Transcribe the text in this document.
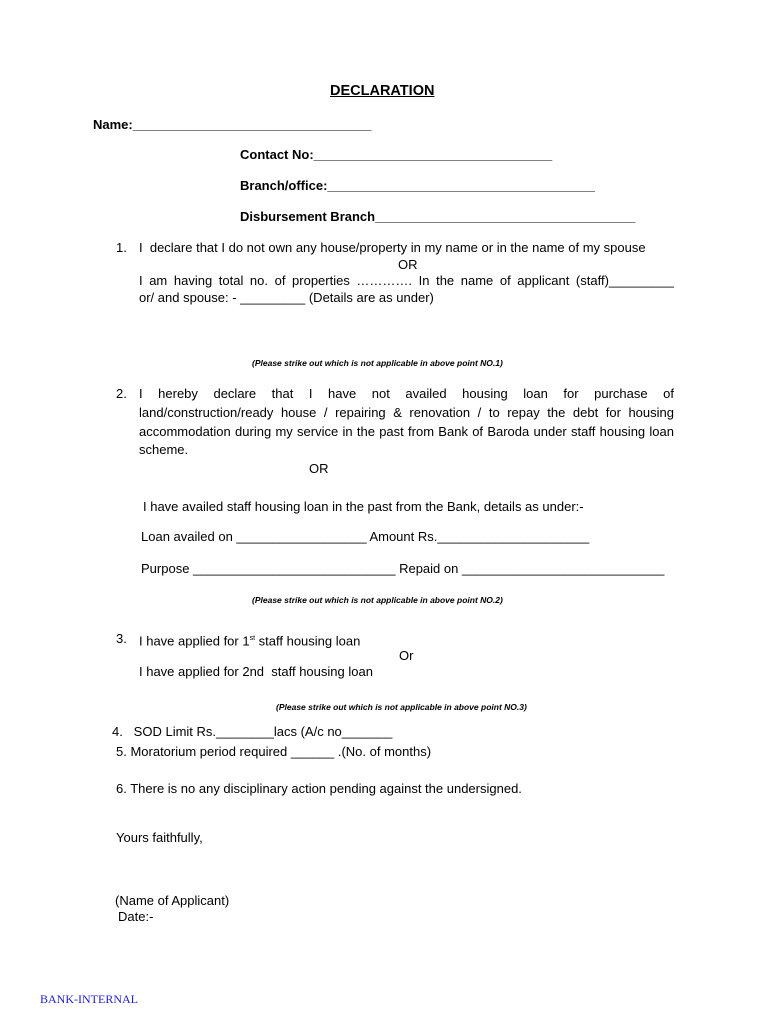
DECLARATION
Name:_________________________________
Contact No:_________________________________
Branch/office:_____________________________________
Disbursement Branch____________________________________
1. I  declare that I do not own any house/property in my name or in the name of my spouse
OR
I am having total no. of properties …………. In the name of applicant (staff)_________
or/ and spouse: - _________ (Details are as under)
(Please strike out which is not applicable in above point NO.1)
2. I hereby declare that I have not availed housing loan for purchase of
land/construction/ready house / repairing & renovation / to repay the debt for housing
accommodation during my service in the past from Bank of Baroda under staff housing loan
scheme.
OR
I have availed staff housing loan in the past from the Bank, details as under:-
Loan availed on __________________ Amount Rs._____________________
Purpose ____________________________ Repaid on ____________________________
(Please strike out which is not applicable in above point NO.2)
3. I have applied for 1st staff housing loan
Or
I have applied for 2nd  staff housing loan
(Please strike out which is not applicable in above point NO.3)
4.   SOD Limit Rs.________lacs (A/c no_______
5. Moratorium period required ______ .(No. of months)
6. There is no any disciplinary action pending against the undersigned.
Yours faithfully,
(Name of Applicant)
Date:-
BANK-INTERNAL
